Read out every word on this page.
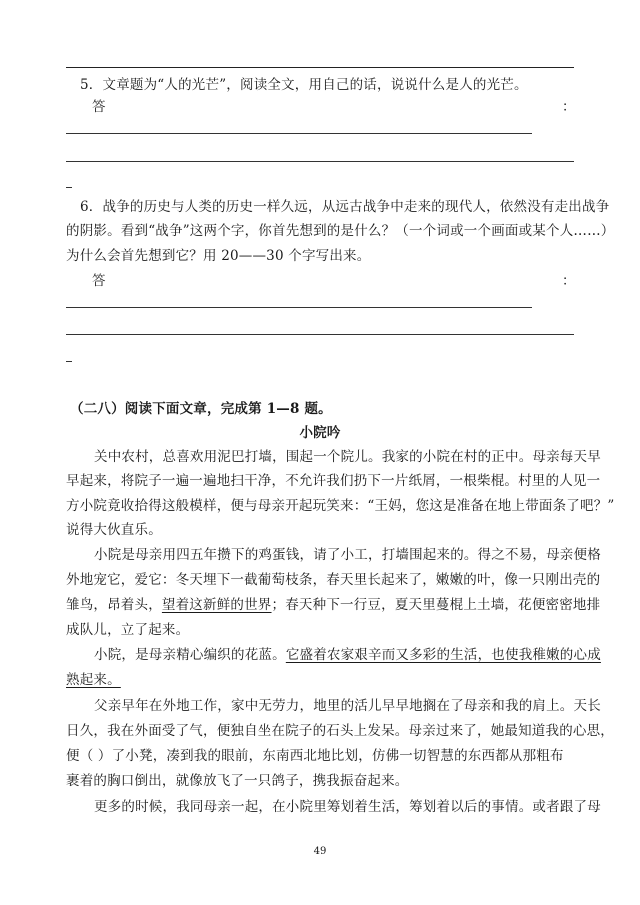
5．文章题为“人的光芒”，阅读全文，用自己的话，说说什么是人的光芒。
答	：
6．战争的历史与人类的历史一样久远，从远古战争中走来的现代人，依然没有走出战争
的阴影。看到“战争”这两个字，你首先想到的是什么？（一个词或一个画面或某个人……）
为什么会首先想到它？用 20——30 个字写出来。
答	：
（二八）阅读下面文章，完成第 1—8 题。
小院吟
关中农村，总喜欢用泥巴打墙，围起一个院儿。我家的小院在村的正中。母亲每天早
早起来，将院子一遍一遍地扫干净，不允许我们扔下一片纸屑，一根柴棍。村里的人见一
方小院竟收拾得这般模样，便与母亲开起玩笑来：“王妈，您这是准备在地上带面条了吧？”
说得大伙直乐。
小院是母亲用四五年攒下的鸡蛋钱，请了小工，打墙围起来的。得之不易，母亲便格
外地宠它，爱它：冬天埋下一截葡萄枝条，春天里长起来了，嫩嫩的叶，像一只刚出壳的
雏鸟，昂着头，望着这新鲜的世界；春天种下一行豆，夏天里蔓棍上土墙，花便密密地排
成队儿，立了起来。
小院，是母亲精心编织的花蓝。它盛着农家艰辛而又多彩的生活，也使我稚嫩的心成
熟起来。
父亲早年在外地工作，家中无劳力，地里的活儿早早地搁在了母亲和我的肩上。天长
日久，我在外面受了气，便独自坐在院子的石头上发呆。母亲过来了，她最知道我的心思，
便（ ）了小凳，凑到我的眼前，东南西北地比划，仿佛一切智慧的东西都从那粗布
裹着的胸口倒出，就像放飞了一只鸽子，携我振奋起来。
更多的时候，我同母亲一起，在小院里筹划着生活，筹划着以后的事情。或者跟了母
49
